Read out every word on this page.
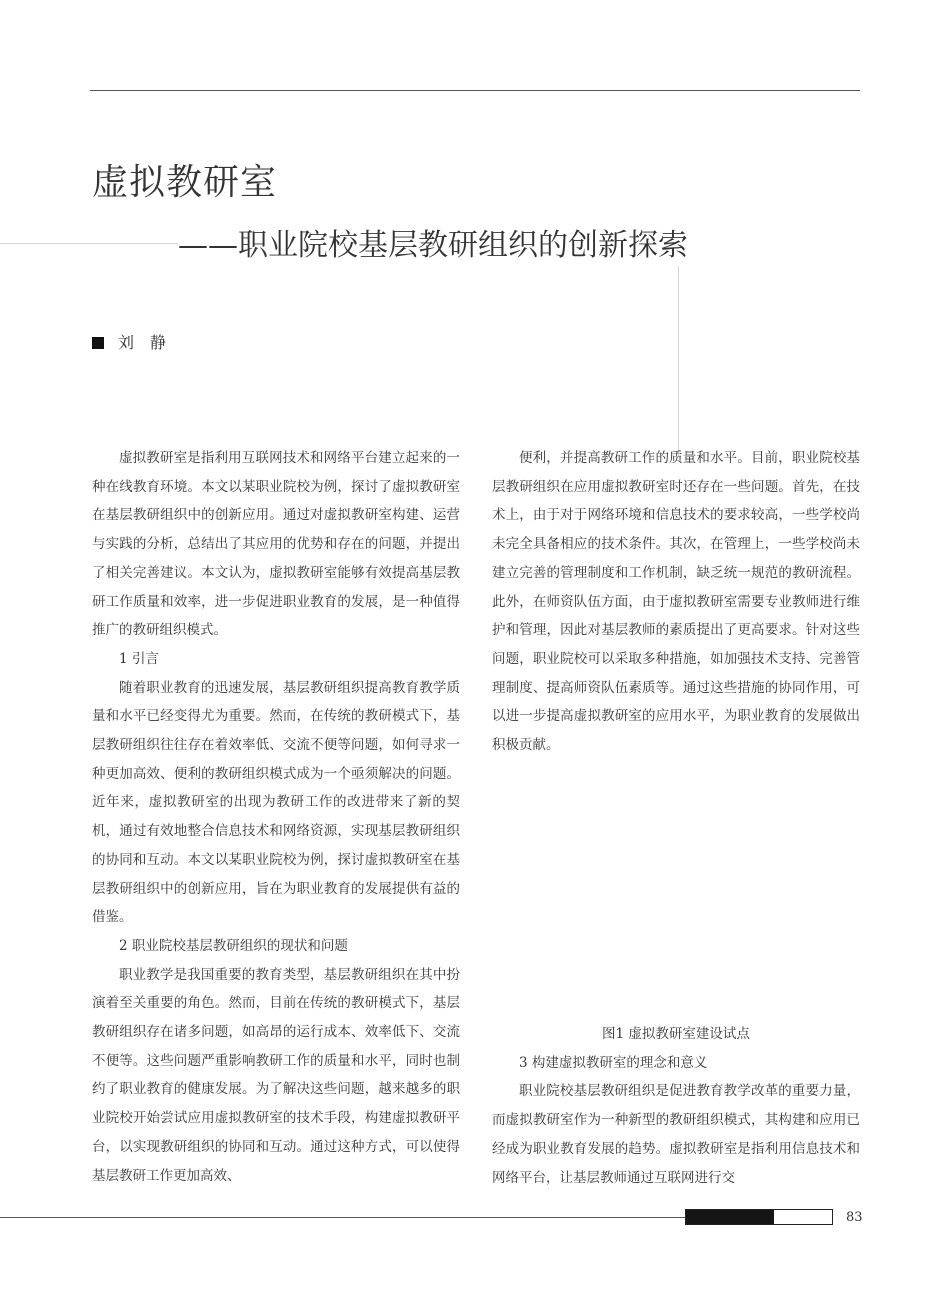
虚拟教研室
——职业院校基层教研组织的创新探索
刘　静

虚拟教研室是指利用互联网技术和网络平台建立起来的一种在线教育环境。本文以某职业院校为例，探讨了虚拟教研室在基层教研组织中的创新应用。通过对虚拟教研室构建、运营与实践的分析，总结出了其应用的优势和存在的问题，并提出了相关完善建议。本文认为，虚拟教研室能够有效提高基层教研工作质量和效率，进一步促进职业教育的发展，是一种值得推广的教研组织模式。

1 引言

随着职业教育的迅速发展，基层教研组织提高教育教学质量和水平已经变得尤为重要。然而，在传统的教研模式下，基层教研组织往往存在着效率低、交流不便等问题，如何寻求一种更加高效、便利的教研组织模式成为一个亟须解决的问题。近年来，虚拟教研室的出现为教研工作的改进带来了新的契机，通过有效地整合信息技术和网络资源，实现基层教研组织的协同和互动。本文以某职业院校为例，探讨虚拟教研室在基层教研组织中的创新应用，旨在为职业教育的发展提供有益的借鉴。

2 职业院校基层教研组织的现状和问题

职业教学是我国重要的教育类型，基层教研组织在其中扮演着至关重要的角色。然而，目前在传统的教研模式下，基层教研组织存在诸多问题，如高昂的运行成本、效率低下、交流不便等。这些问题严重影响教研工作的质量和水平，同时也制约了职业教育的健康发展。为了解决这些问题，越来越多的职业院校开始尝试应用虚拟教研室的技术手段，构建虚拟教研平台，以实现教研组织的协同和互动。通过这种方式，可以使得基层教研工作更加高效、

便利，并提高教研工作的质量和水平。目前，职业院校基层教研组织在应用虚拟教研室时还存在一些问题。首先，在技术上，由于对于网络环境和信息技术的要求较高，一些学校尚未完全具备相应的技术条件。其次，在管理上，一些学校尚未建立完善的管理制度和工作机制，缺乏统一规范的教研流程。此外，在师资队伍方面，由于虚拟教研室需要专业教师进行维护和管理，因此对基层教师的素质提出了更高要求。针对这些问题，职业院校可以采取多种措施，如加强技术支持、完善管理制度、提高师资队伍素质等。通过这些措施的协同作用，可以进一步提高虚拟教研室的应用水平，为职业教育的发展做出积极贡献。

图1 虚拟教研室建设试点

3 构建虚拟教研室的理念和意义

职业院校基层教研组织是促进教育教学改革的重要力量，而虚拟教研室作为一种新型的教研组织模式，其构建和应用已经成为职业教育发展的趋势。虚拟教研室是指利用信息技术和网络平台，让基层教师通过互联网进行交

83
